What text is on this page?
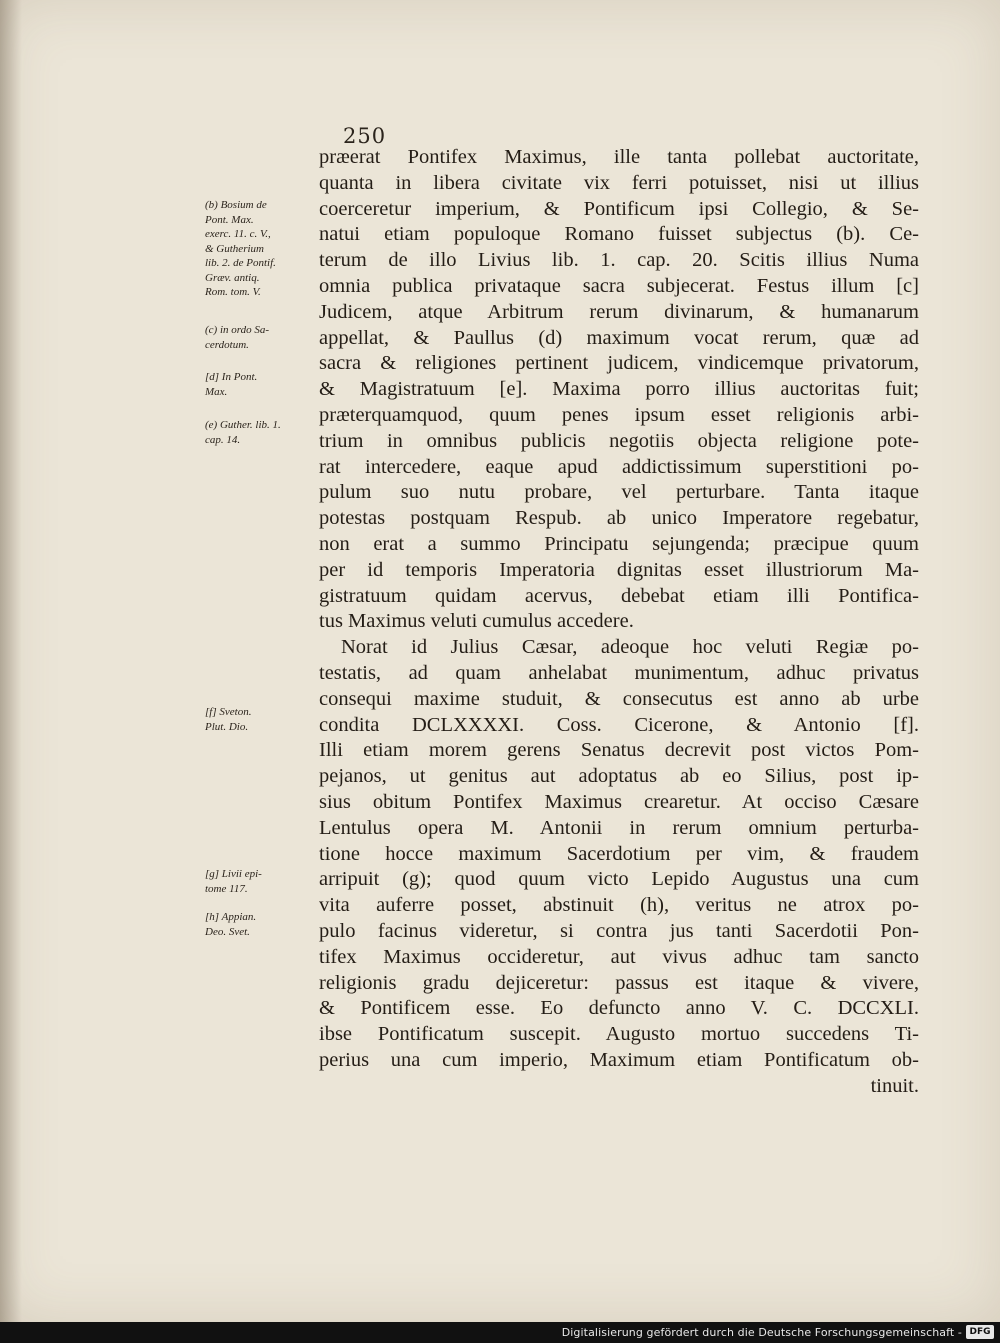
250
præerat Pontifex Maximus, ille tanta pollebat auctoritate,
quanta in libera civitate vix ferri potuisset, nisi ut illius
coerceretur imperium, & Pontificum ipsi Collegio, & Se-
natui etiam populoque Romano fuisset subjectus (b). Ce-
terum de illo Livius lib. 1. cap. 20. Scitis illius Numa
omnia publica privataque sacra subjecerat. Festus illum [c]
Judicem, atque Arbitrum rerum divinarum, & humanarum
appellat, & Paullus (d) maximum vocat rerum, quæ ad
sacra & religiones pertinent judicem, vindicemque privatorum,
& Magistratuum [e]. Maxima porro illius auctoritas fuit;
præterquamquod, quum penes ipsum esset religionis arbi-
trium in omnibus publicis negotiis objecta religione pote-
rat intercedere, eaque apud addictissimum superstitioni po-
pulum suo nutu probare, vel perturbare. Tanta itaque
potestas postquam Respub. ab unico Imperatore regebatur,
non erat a summo Principatu sejungenda; præcipue quum
per id temporis Imperatoria dignitas esset illustriorum Ma-
gistratuum quidam acervus, debebat etiam illi Pontifica-
tus Maximus veluti cumulus accedere.
Norat id Julius Cæsar, adeoque hoc veluti Regiæ po-
testatis, ad quam anhelabat munimentum, adhuc privatus
consequi maxime studuit, & consecutus est anno ab urbe
condita DCLXXXXI. Coss. Cicerone, & Antonio [f].
Illi etiam morem gerens Senatus decrevit post victos Pom-
pejanos, ut genitus aut adoptatus ab eo Silius, post ip-
sius obitum Pontifex Maximus crearetur. At occiso Cæsare
Lentulus opera M. Antonii in rerum omnium perturba-
tione hocce maximum Sacerdotium per vim, & fraudem
arripuit (g); quod quum victo Lepido Augustus una cum
vita auferre posset, abstinuit (h), veritus ne atrox po-
pulo facinus videretur, si contra jus tanti Sacerdotii Pon-
tifex Maximus occideretur, aut vivus adhuc tam sancto
religionis gradu dejiceretur: passus est itaque & vivere,
& Pontificem esse. Eo defuncto anno V. C. DCCXLI.
ibse Pontificatum suscepit. Augusto mortuo succedens Ti-
perius una cum imperio, Maximum etiam Pontificatum ob-
tinuit.

(b) Bosium de
Pont. Max.
exerc. 11. c. V.,
& Gutherium
lib. 2. de Pontif.
Græv. antiq.
Rom. tom. V.

(c) in ordo Sa-
cerdotum.

[d] In Pont.
Max.

(e) Guther. lib. 1.
cap. 14.

[f] Sveton.
Plut. Dio.

[g] Livii epi-
tome 117.

[h] Appian.
Deo. Svet.

Digitalisierung gefördert durch die Deutsche Forschungsgemeinschaft - DFG
